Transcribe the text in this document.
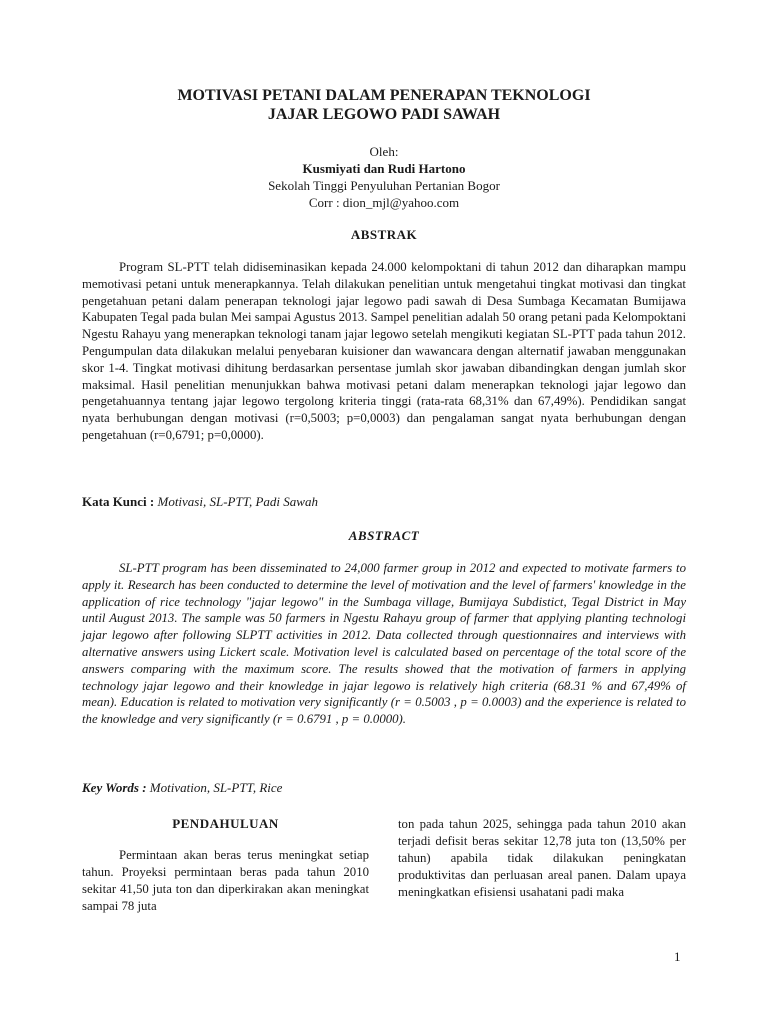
MOTIVASI PETANI DALAM PENERAPAN TEKNOLOGI
JAJAR LEGOWO PADI SAWAH
Oleh:
Kusmiyati dan Rudi Hartono
Sekolah Tinggi Penyuluhan Pertanian Bogor
Corr : dion_mjl@yahoo.com
ABSTRAK

Program SL-PTT telah didiseminasikan kepada 24.000 kelompoktani di tahun 2012 dan diharapkan mampu memotivasi petani untuk menerapkannya. Telah dilakukan penelitian untuk mengetahui tingkat motivasi dan tingkat pengetahuan petani dalam penerapan teknologi jajar legowo padi sawah di Desa Sumbaga Kecamatan Bumijawa Kabupaten Tegal pada bulan Mei sampai Agustus 2013. Sampel penelitian adalah 50 orang petani pada Kelompoktani Ngestu Rahayu yang menerapkan teknologi tanam jajar legowo setelah mengikuti kegiatan SL-PTT pada tahun 2012. Pengumpulan data dilakukan melalui penyebaran kuisioner dan wawancara dengan alternatif jawaban menggunakan skor 1-4. Tingkat motivasi dihitung berdasarkan persentase jumlah skor jawaban dibandingkan dengan jumlah skor maksimal. Hasil penelitian menunjukkan bahwa motivasi petani dalam menerapkan teknologi jajar legowo dan pengetahuannya tentang jajar legowo tergolong kriteria tinggi (rata-rata 68,31% dan 67,49%). Pendidikan sangat nyata berhubungan dengan motivasi (r=0,5003; p=0,0003) dan pengalaman sangat nyata berhubungan dengan pengetahuan (r=0,6791; p=0,0000).

Kata Kunci : Motivasi, SL-PTT, Padi Sawah
ABSTRACT

SL-PTT program has been disseminated to 24,000 farmer group in 2012 and expected to motivate farmers to apply it. Research has been conducted to determine the level of motivation and the level of farmers' knowledge in the application of rice technology "jajar legowo" in the Sumbaga village, Bumijaya Subdistict, Tegal District in May until August 2013. The sample was 50 farmers in Ngestu Rahayu group of farmer that applying planting technologi jajar legowo after following SLPTT activities in 2012. Data collected through questionnaires and interviews with alternative answers using Lickert scale. Motivation level is calculated based on percentage of the total score of the answers comparing with the maximum score. The results showed that the motivation of farmers in applying technology jajar legowo and their knowledge in jajar legowo is relatively high criteria (68.31 % and 67,49% of mean). Education is related to motivation very significantly (r = 0.5003 , p = 0.0003) and the experience is related to the knowledge and very significantly (r = 0.6791 , p = 0.0000).

Key Words : Motivation, SL-PTT, Rice
PENDAHULUAN

Permintaan akan beras terus meningkat setiap tahun. Proyeksi permintaan beras pada tahun 2010 sekitar 41,50 juta ton dan diperkirakan akan meningkat sampai 78 juta

ton pada tahun 2025, sehingga pada tahun 2010 akan terjadi defisit beras sekitar 12,78 juta ton (13,50% per tahun) apabila tidak dilakukan peningkatan produktivitas dan perluasan areal panen. Dalam upaya meningkatkan efisiensi usahatani padi maka

1
